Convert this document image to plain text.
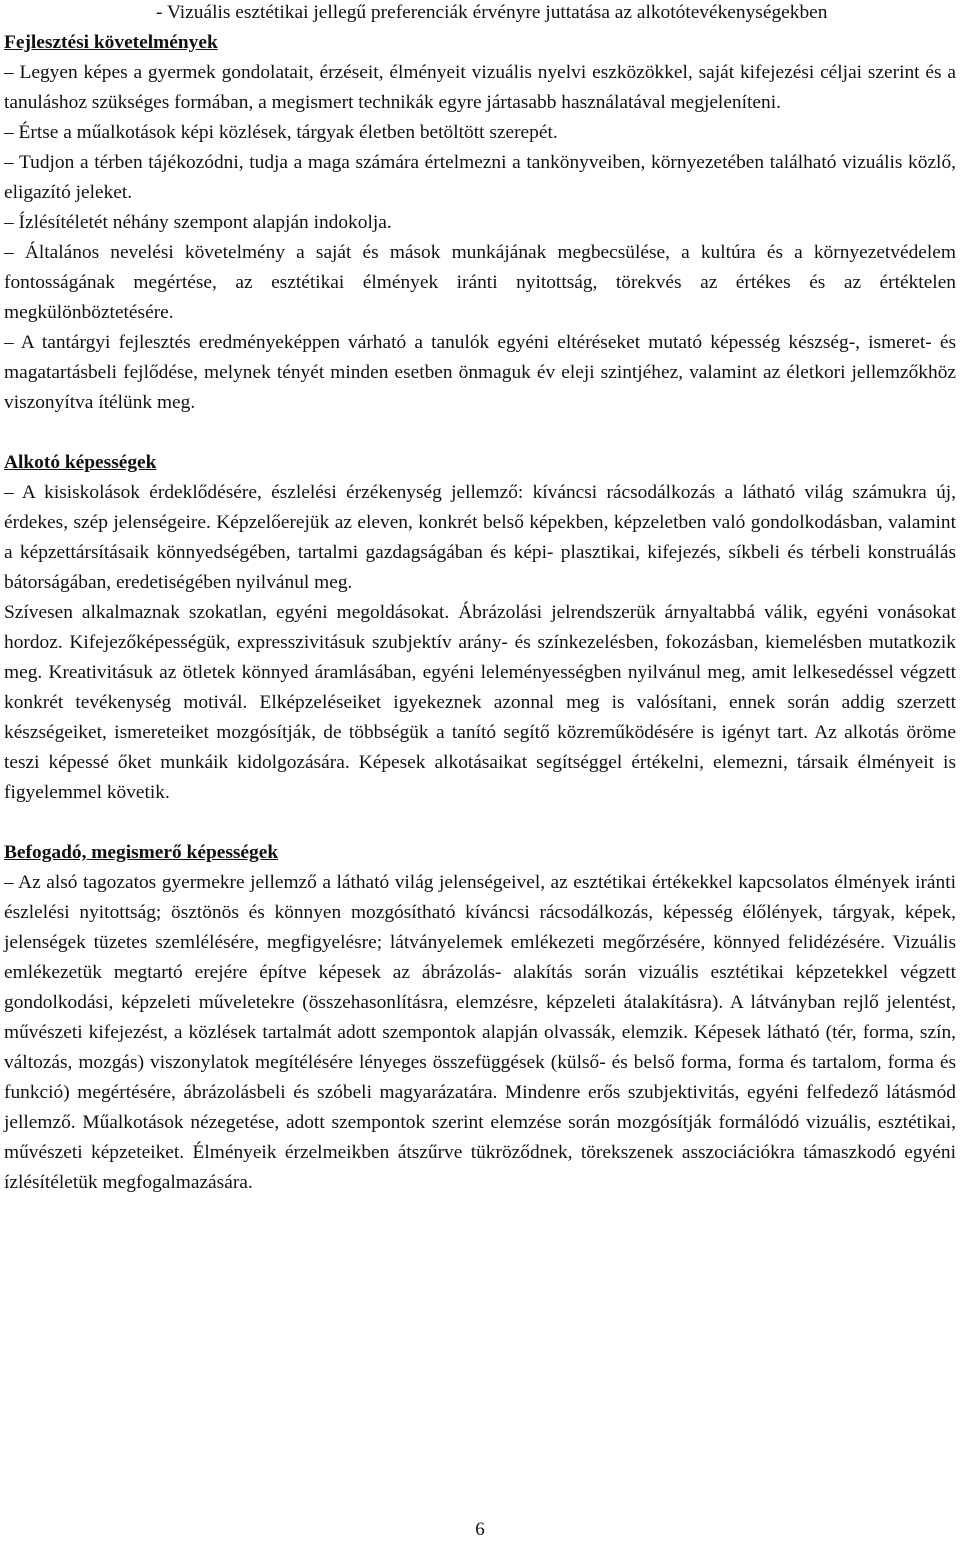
- Vizuális esztétikai jellegű preferenciák érvényre juttatása az alkotótevékenységekben

Fejlesztési követelmények

– Legyen képes a gyermek gondolatait, érzéseit, élményeit vizuális nyelvi eszközökkel, saját kifejezési céljai szerint és a tanuláshoz szükséges formában, a megismert technikák egyre jártasabb használatával megjeleníteni.

– Értse a műalkotások képi közlések, tárgyak életben betöltött szerepét.

– Tudjon a térben tájékozódni, tudja a maga számára értelmezni a tankönyveiben, környezetében található vizuális közlő, eligazító jeleket.

– Ízlésítéletét néhány szempont alapján indokolja.

– Általános nevelési követelmény a saját és mások munkájának megbecsülése, a kultúra és a környezetvédelem fontosságának megértése, az esztétikai élmények iránti nyitottság, törekvés az értékes és az értéktelen megkülönböztetésére.

– A tantárgyi fejlesztés eredményeképpen várható a tanulók egyéni eltéréseket mutató képesség készség-, ismeret- és magatartásbeli fejlődése, melynek tényét minden esetben önmaguk év eleji szintjéhez, valamint az életkori jellemzőkhöz viszonyítva ítélünk meg.

Alkotó képességek

– A kisiskolások érdeklődésére, észlelési érzékenység jellemző: kíváncsi rácsodálkozás a látható világ számukra új, érdekes, szép jelenségeire. Képzelőerejük az eleven, konkrét belső képekben, képzeletben való gondolkodásban, valamint a képzettársításaik könnyedségében, tartalmi gazdagságában és képi- plasztikai, kifejezés, síkbeli és térbeli konstruálás bátorságában, eredetiségében nyilvánul meg.

Szívesen alkalmaznak szokatlan, egyéni megoldásokat. Ábrázolási jelrendszerük árnyaltabbá válik, egyéni vonásokat hordoz. Kifejezőképességük, expresszivitásuk szubjektív arány- és színkezelésben, fokozásban, kiemelésben mutatkozik meg. Kreativitásuk az ötletek könnyed áramlásában, egyéni leleményességben nyilvánul meg, amit lelkesedéssel végzett konkrét tevékenység motivál. Elképzeléseiket igyekeznek azonnal meg is valósítani, ennek során addig szerzett készségeiket, ismereteiket mozgósítják, de többségük a tanító segítő közreműködésére is igényt tart. Az alkotás öröme teszi képessé őket munkáik kidolgozására. Képesek alkotásaikat segítséggel értékelni, elemezni, társaik élményeit is figyelemmel követik.

Befogadó, megismerő képességek

– Az alsó tagozatos gyermekre jellemző a látható világ jelenségeivel, az esztétikai értékekkel kapcsolatos élmények iránti észlelési nyitottság; ösztönös és könnyen mozgósítható kíváncsi rácsodálkozás, képesség élőlények, tárgyak, képek, jelenségek tüzetes szemlélésére, megfigyelésre; látványelemek emlékezeti megőrzésére, könnyed felidézésére. Vizuális emlékezetük megtartó erejére építve képesek az ábrázolás- alakítás során vizuális esztétikai képzetekkel végzett gondolkodási, képzeleti műveletekre (összehasonlításra, elemzésre, képzeleti átalakításra). A látványban rejlő jelentést, művészeti kifejezést, a közlések tartalmát adott szempontok alapján olvassák, elemzik. Képesek látható (tér, forma, szín, változás, mozgás) viszonylatok megítélésére lényeges összefüggések (külső- és belső forma, forma és tartalom, forma és funkció) megértésére, ábrázolásbeli és szóbeli magyarázatára. Mindenre erős szubjektivitás, egyéni felfedező látásmód jellemző. Műalkotások nézegetése, adott szempontok szerint elemzése során mozgósítják formálódó vizuális, esztétikai, művészeti képzeteiket. Élményeik érzelmeikben átszűrve tükröződnek, törekszenek asszociációkra támaszkodó egyéni ízlésítéletük megfogalmazására.

6
